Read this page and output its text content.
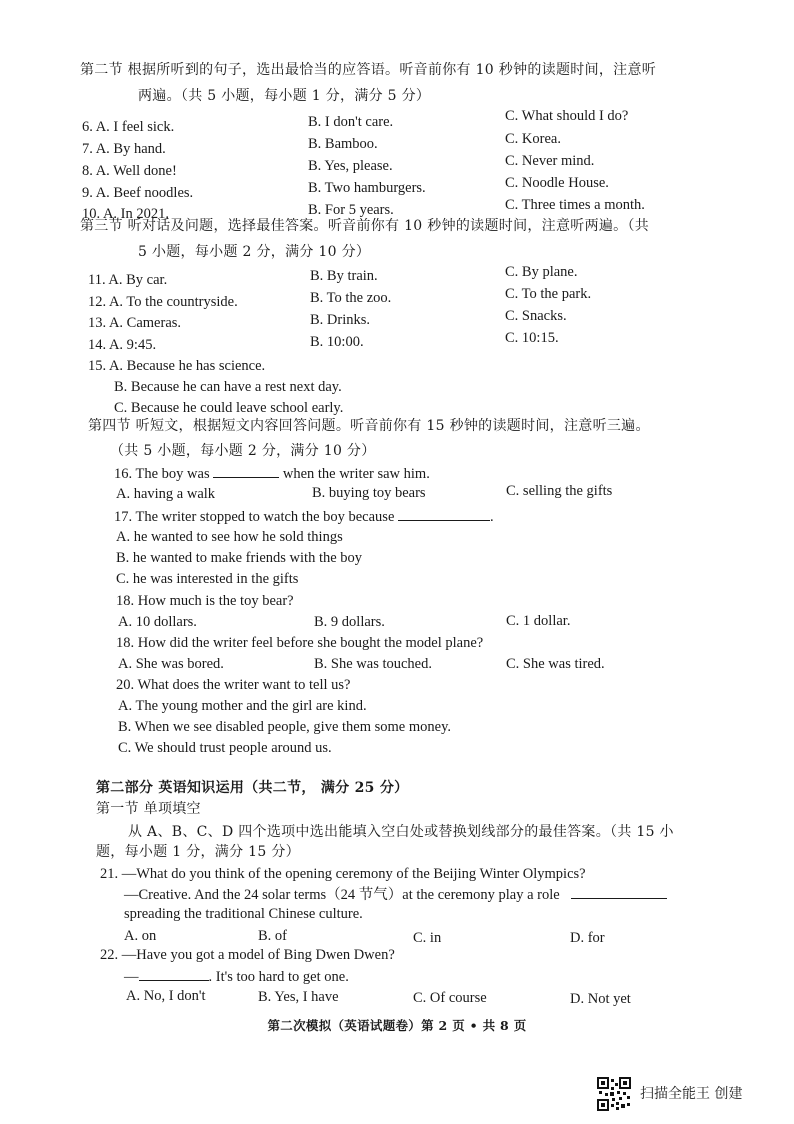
第二节 根据所听到的句子，选出最恰当的应答语。听音前你有 10 秒钟的读题时间，注意听
两遍。（共 5 小题，每小题 1 分，满分 5 分）
6. A. I feel sick.	B. I don't care.	C. What should I do?
7. A. By hand.	B. Bamboo.	C. Korea.
8. A. Well done!	B. Yes, please.	C. Never mind.
9. A. Beef noodles.	B. Two hamburgers.	C. Noodle House.
10. A. In 2021.	B. For 5 years.	C. Three times a month.
第三节 听对话及问题，选择最佳答案。听音前你有 10 秒钟的读题时间，注意听两遍。（共
5 小题，每小题 2 分，满分 10 分）
11. A. By car.	B. By train.	C. By plane.
12. A. To the countryside.	B. To the zoo.	C. To the park.
13. A. Cameras.	B. Drinks.	C. Snacks.
14. A. 9:45.	B. 10:00.	C. 10:15.
15. A. Because he has science.
B. Because he can have a rest next day.
C. Because he could leave school early.
第四节 听短文，根据短文内容回答问题。听音前你有 15 秒钟的读题时间，注意听三遍。
（共 5 小题，每小题 2 分，满分 10 分）
16. The boy was	when the writer saw him.
A. having a walk	B. buying toy bears	C. selling the gifts
17. The writer stopped to watch the boy because	.
A. he wanted to see how he sold things
B. he wanted to make friends with the boy
C. he was interested in the gifts
18. How much is the toy bear?
A. 10 dollars.	B. 9 dollars.	C. 1 dollar.
18. How did the writer feel before she bought the model plane?
A. She was bored.	B. She was touched.	C. She was tired.
20. What does the writer want to tell us?
A. The young mother and the girl are kind.
B. When we see disabled people, give them some money.
C. We should trust people around us.
第二部分 英语知识运用（共二节， 满分 25 分）
第一节 单项填空
从 A、B、C、D 四个选项中选出能填入空白处或替换划线部分的最佳答案。（共 15 小
题，每小题 1 分，满分 15 分）
21. —What do you think of the opening ceremony of the Beijing Winter Olympics?
—Creative. And the 24 solar terms（24 节气）at the ceremony play a role
spreading the traditional Chinese culture.
A. on	B. of	C. in	D. for
22. —Have you got a model of Bing Dwen Dwen?
—	. It's too hard to get one.
A. No, I don't	B. Yes, I have	C. Of course	D. Not yet
第二次模拟（英语试题卷）第 2 页 • 共 8 页
扫描全能王 创建
